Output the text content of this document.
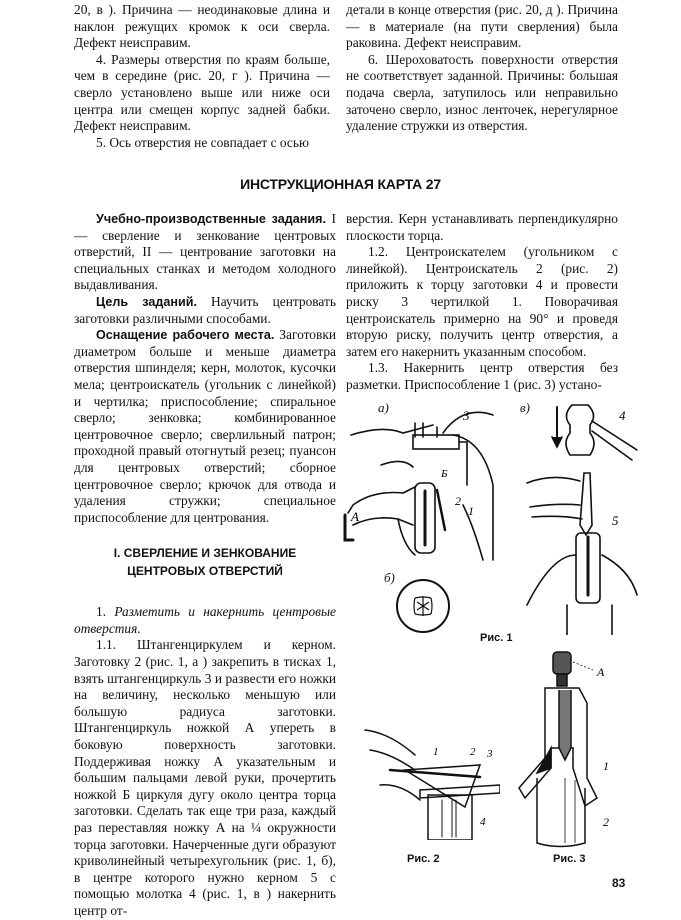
20, в ). Причина — неодинаковые длина и наклон режущих кромок к оси сверла. Дефект неисправим.

4. Размеры отверстия по краям больше, чем в середине (рис. 20, г ). Причина — сверло установлено выше или ниже оси центра или смещен корпус задней бабки. Дефект неисправим.

5. Ось отверстия не совпадает с осью

детали в конце отверстия (рис. 20, д ). Причина — в материале (на пути сверления) была раковина. Дефект неисправим.

6. Шероховатость поверхности отверстия не соответствует заданной. Причины: большая подача сверла, затупилось или неправильно заточено сверло, износ ленточек, нерегулярное удаление стружки из отверстия.

ИНСТРУКЦИОННАЯ КАРТА 27

Учебно-производственные задания. I — сверление и зенкование центровых отверстий, II — центрование заготовки на специальных станках и методом холодного выдавливания.

Цель заданий. Научить центровать заготовки различными способами.

Оснащение рабочего места. Заготовки диаметром больше и меньше диаметра отверстия шпинделя; керн, молоток, кусочки мела; центроискатель (угольник с линейкой) и чертилка; приспособление; спиральное сверло; зенковка; комбинированное центровочное сверло; сверлильный патрон; проходной правый отогнутый резец; пуансон для центровых отверстий; сборное центровочное сверло; крючок для отвода и удаления стружки; специальное приспособление для центрования.

I. СВЕРЛЕНИЕ И ЗЕНКОВАНИЕ
ЦЕНТРОВЫХ ОТВЕРСТИЙ

1. Разметить и накернить центровые отверстия.

1.1. Штангенциркулем и керном. Заготовку 2 (рис. 1, а ) закрепить в тисках 1, взять штангенциркуль 3 и развести его ножки на величину, несколько меньшую или большую радиуса заготовки. Штангенциркуль ножкой А упереть в боковую поверхность заготовки. Поддерживая ножку А указательным и большим пальцами левой руки, прочертить ножкой Б циркуля дугу около центра торца заготовки. Сделать так еще три раза, каждый раз переставляя ножку А на ¼ окружности торца заготовки. Начерченные дуги образуют криволинейный четырехугольник (рис. 1, б), в центре которого нужно керном 5 с помощью молотка 4 (рис. 1, в ) накернить центр от-

верстия. Керн устанавливать перпендикулярно плоскости торца.

1.2. Центроискателем (угольником с линейкой). Центроискатель 2 (рис. 2) приложить к торцу заготовки 4 и провести риску 3 чертилкой 1. Поворачивая центроискатель примерно на 90° и проведя вторую риску, получить центр отверстия, а затем его накернить указанным способом.

1.3. Накернить центр отверстия без разметки. Приспособление 1 (рис. 3) устано-

3
Б
2
1
А
а)
б)
4
5
в)
Рис. 1
1	2 3
4
Рис. 2
А
1
2
Рис. 3
83
